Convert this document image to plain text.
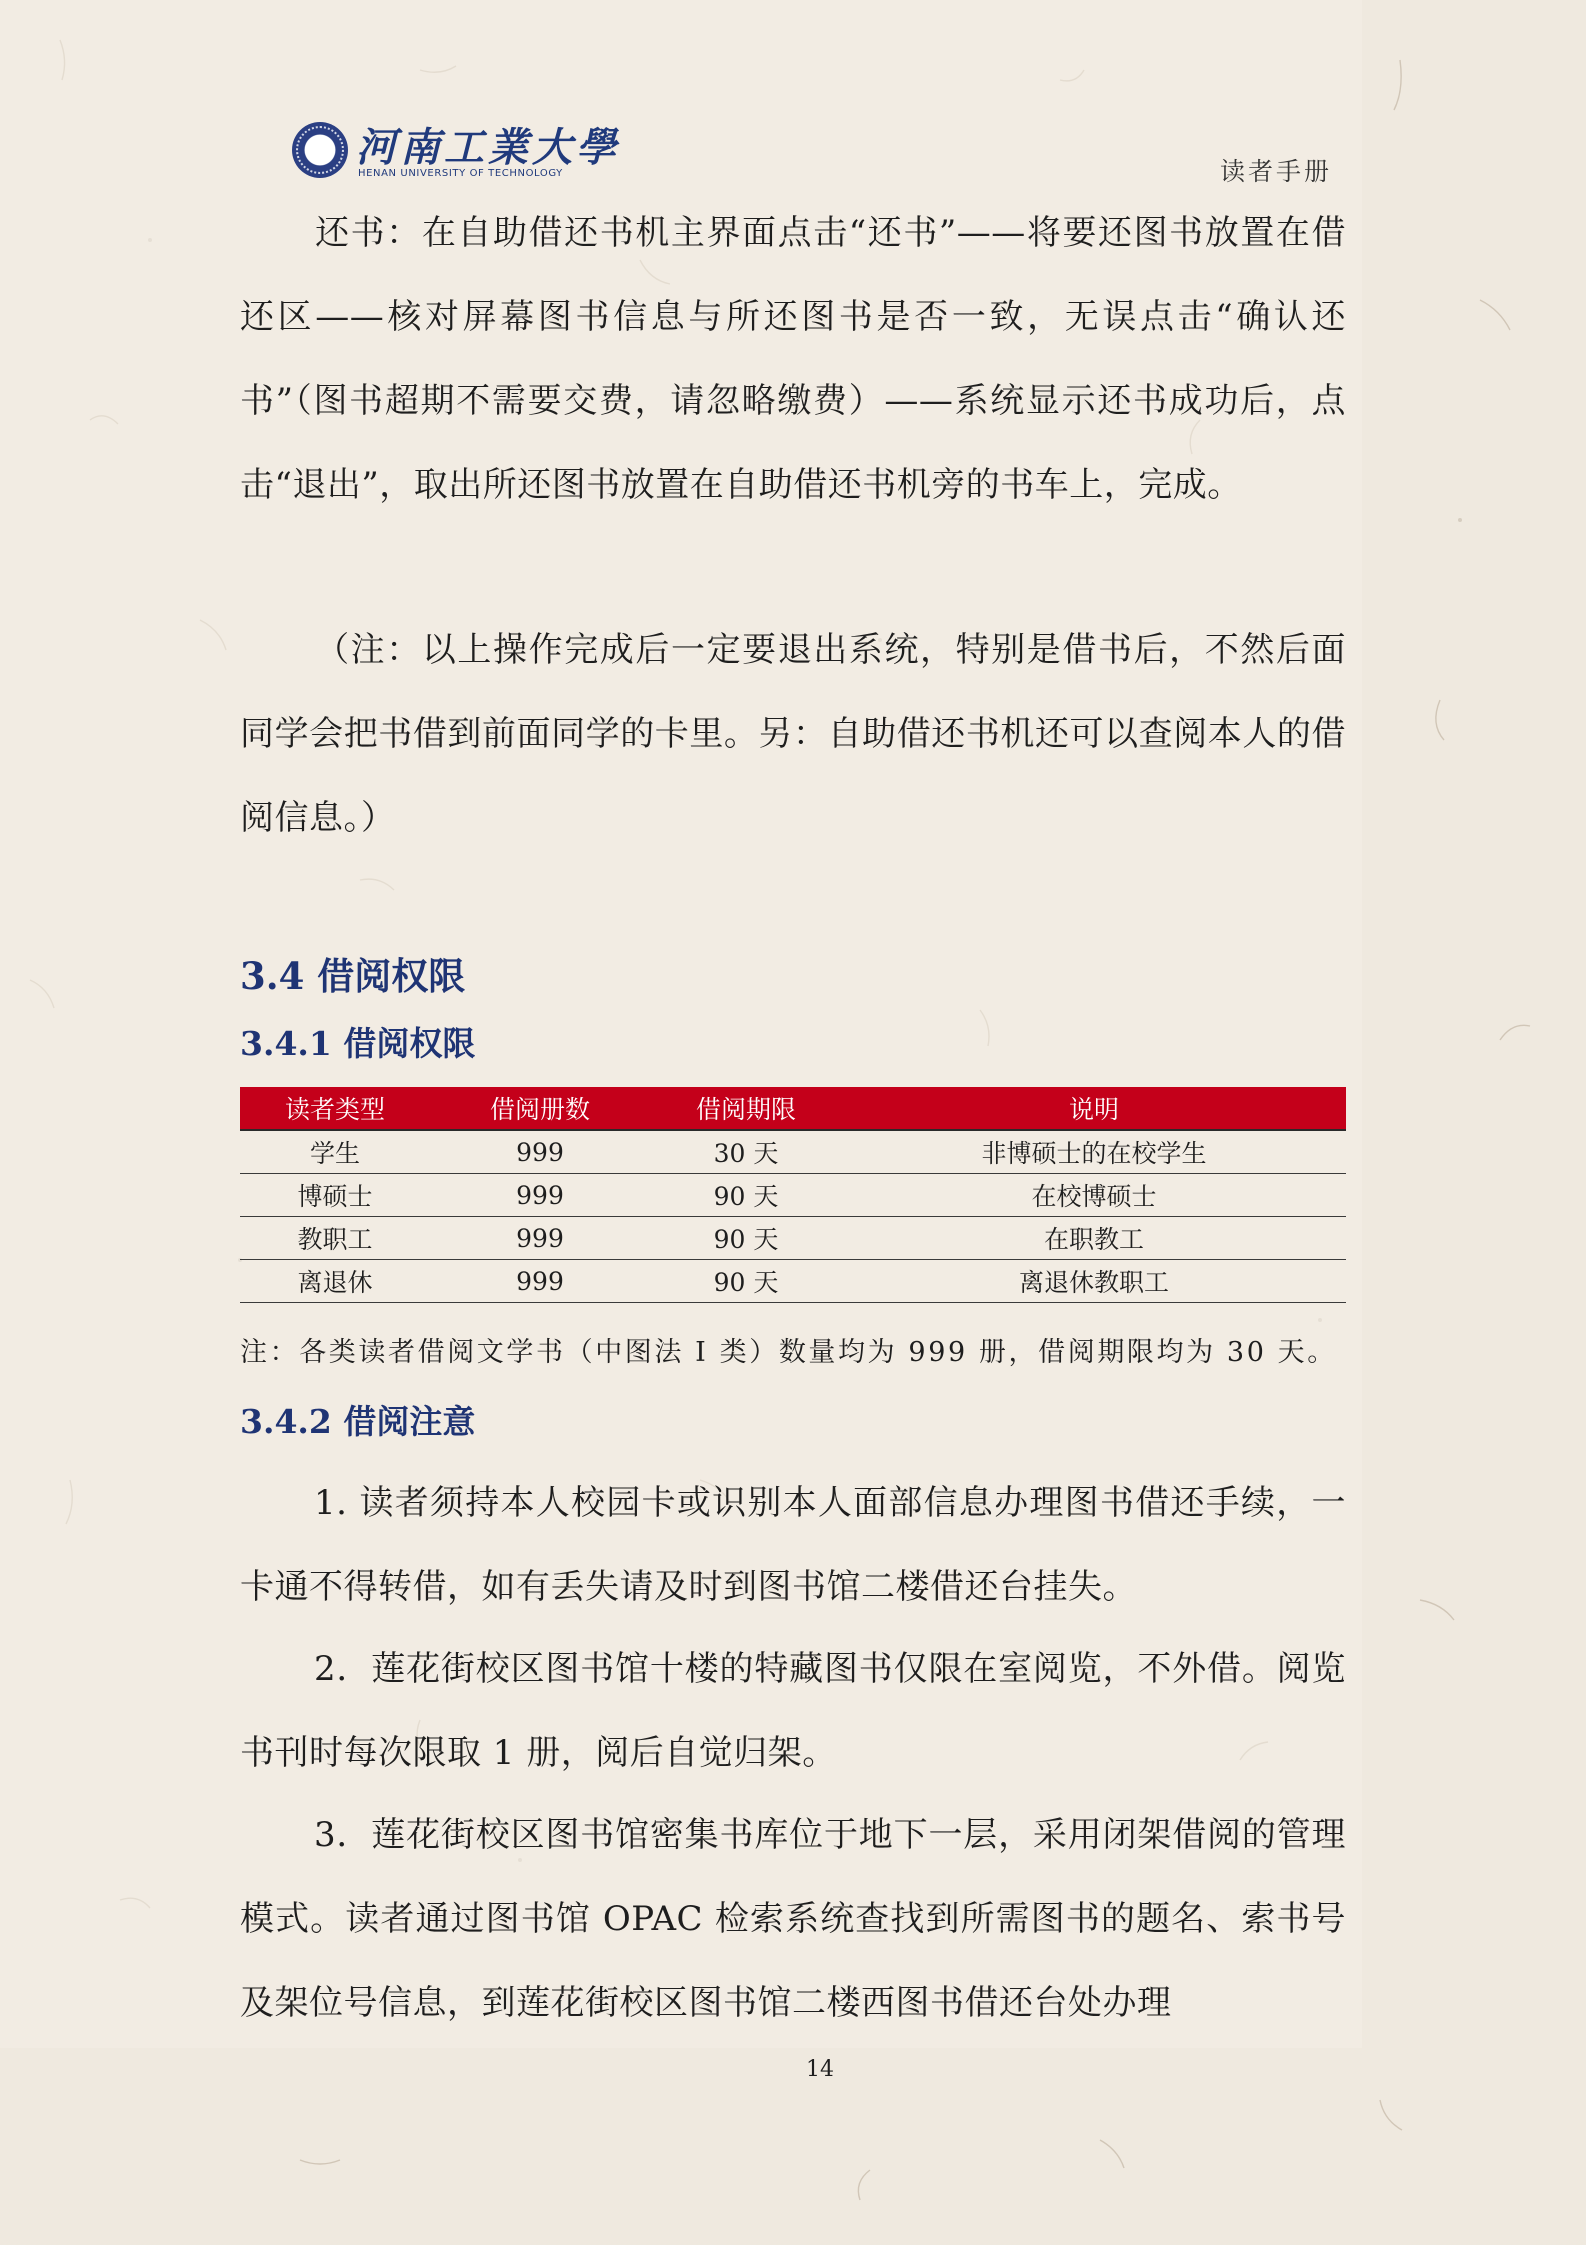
河南工業大學
HENAN UNIVERSITY OF TECHNOLOGY	读者手册

还书：在自助借还书机主界面点击“还书”——将要还图书放置在借还区——核对屏幕图书信息与所还图书是否一致，无误点击“确认还书”（图书超期不需要交费，请忽略缴费）——系统显示还书成功后，点击“退出”，取出所还图书放置在自助借还书机旁的书车上，完成。

（注：以上操作完成后一定要退出系统，特别是借书后，不然后面同学会把书借到前面同学的卡里。另：自助借还书机还可以查阅本人的借阅信息。）

3.4 借阅权限
3.4.1 借阅权限
读者类型	借阅册数	借阅期限	说明
学生	999	30 天	非博硕士的在校学生
博硕士	999	90 天	在校博硕士
教职工	999	90 天	在职教工
离退休	999	90 天	离退休教职工

注：各类读者借阅文学书（中图法 I 类）数量均为 999 册，借阅期限均为 30 天。

3.4.2 借阅注意

1. 读者须持本人校园卡或识别本人面部信息办理图书借还手续，一卡通不得转借，如有丢失请及时到图书馆二楼借还台挂失。

2．莲花街校区图书馆十楼的特藏图书仅限在室阅览，不外借。阅览书刊时每次限取 1 册，阅后自觉归架。

3．莲花街校区图书馆密集书库位于地下一层，采用闭架借阅的管理模式。读者通过图书馆 OPAC 检索系统查找到所需图书的题名、索书号及架位号信息，到莲花街校区图书馆二楼西图书借还台处办理

14
